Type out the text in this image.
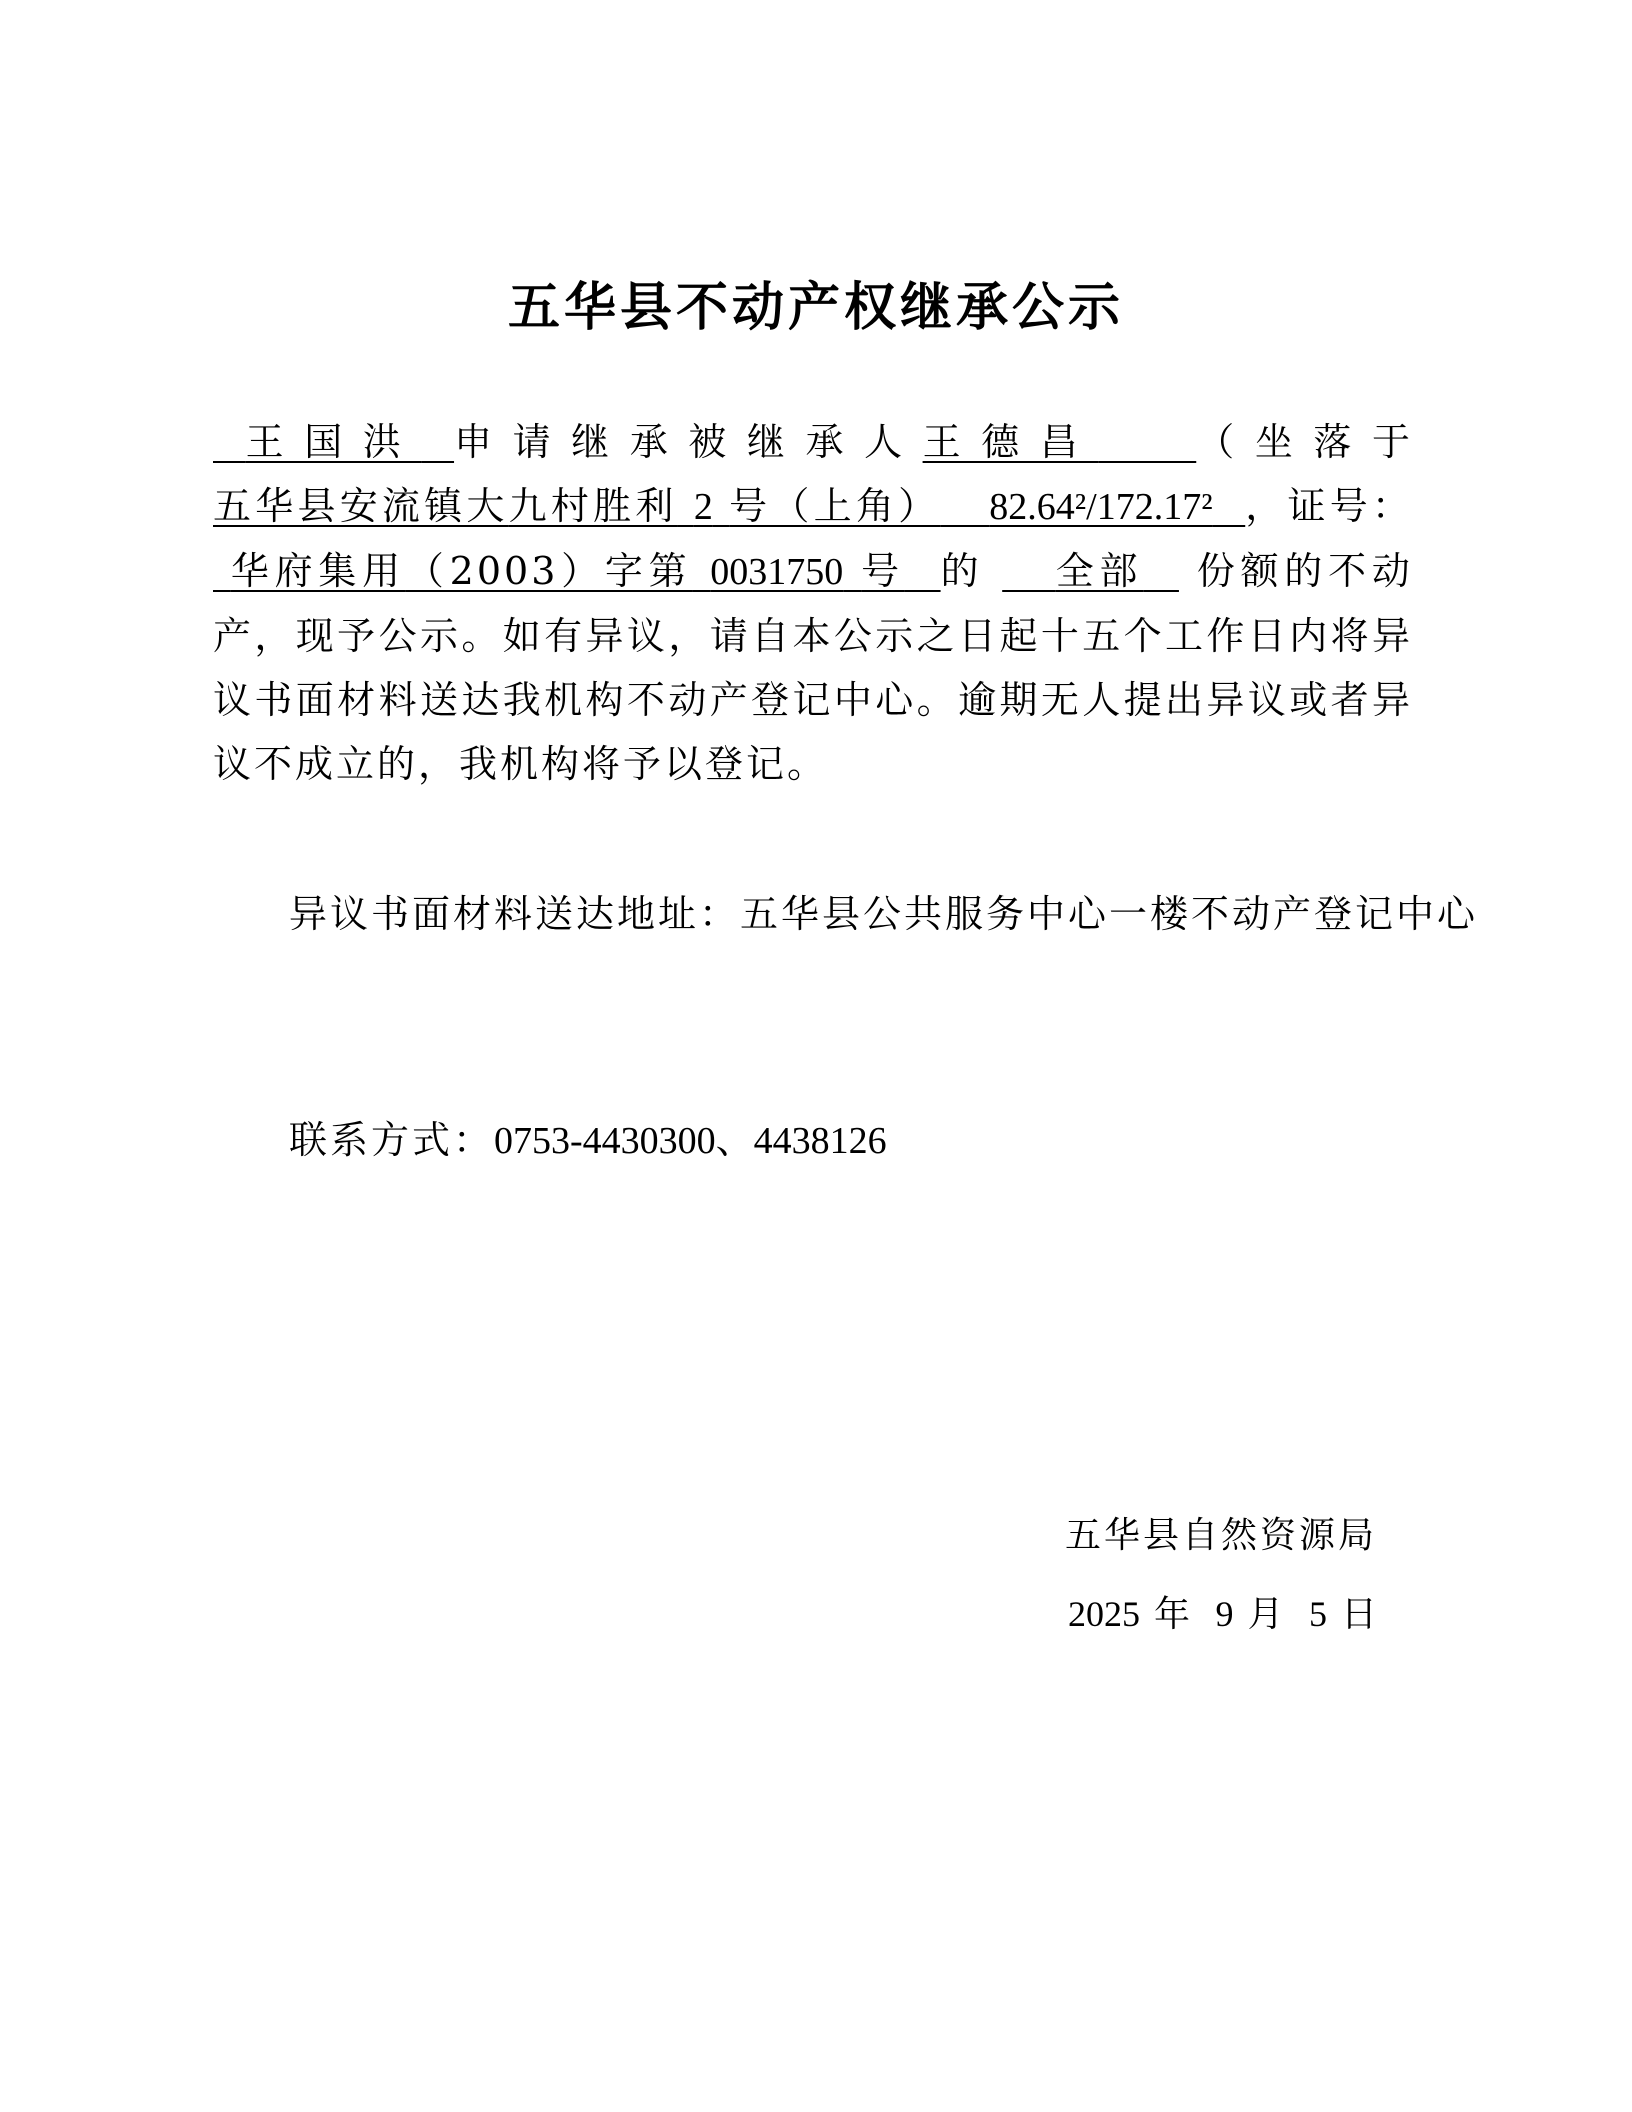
五华县不动产权继承公示
王国洪 申请继承被继承人王德昌	（坐落于五华县安流镇大九村胜利 2 号（上角） 82.64²/172.17² ，证号： 华府集用（2003）字第 0031750 号 的 全部 份额的不动产，现予公示。如有异议，请自本公示之日起十五个工作日内将异议书面材料送达我机构不动产登记中心。逾期无人提出异议或者异议不成立的，我机构将予以登记。
异议书面材料送达地址：五华县公共服务中心一楼不动产登记中心
联系方式：0753-4430300、4438126
五华县自然资源局
2025 年 9 月 5 日
